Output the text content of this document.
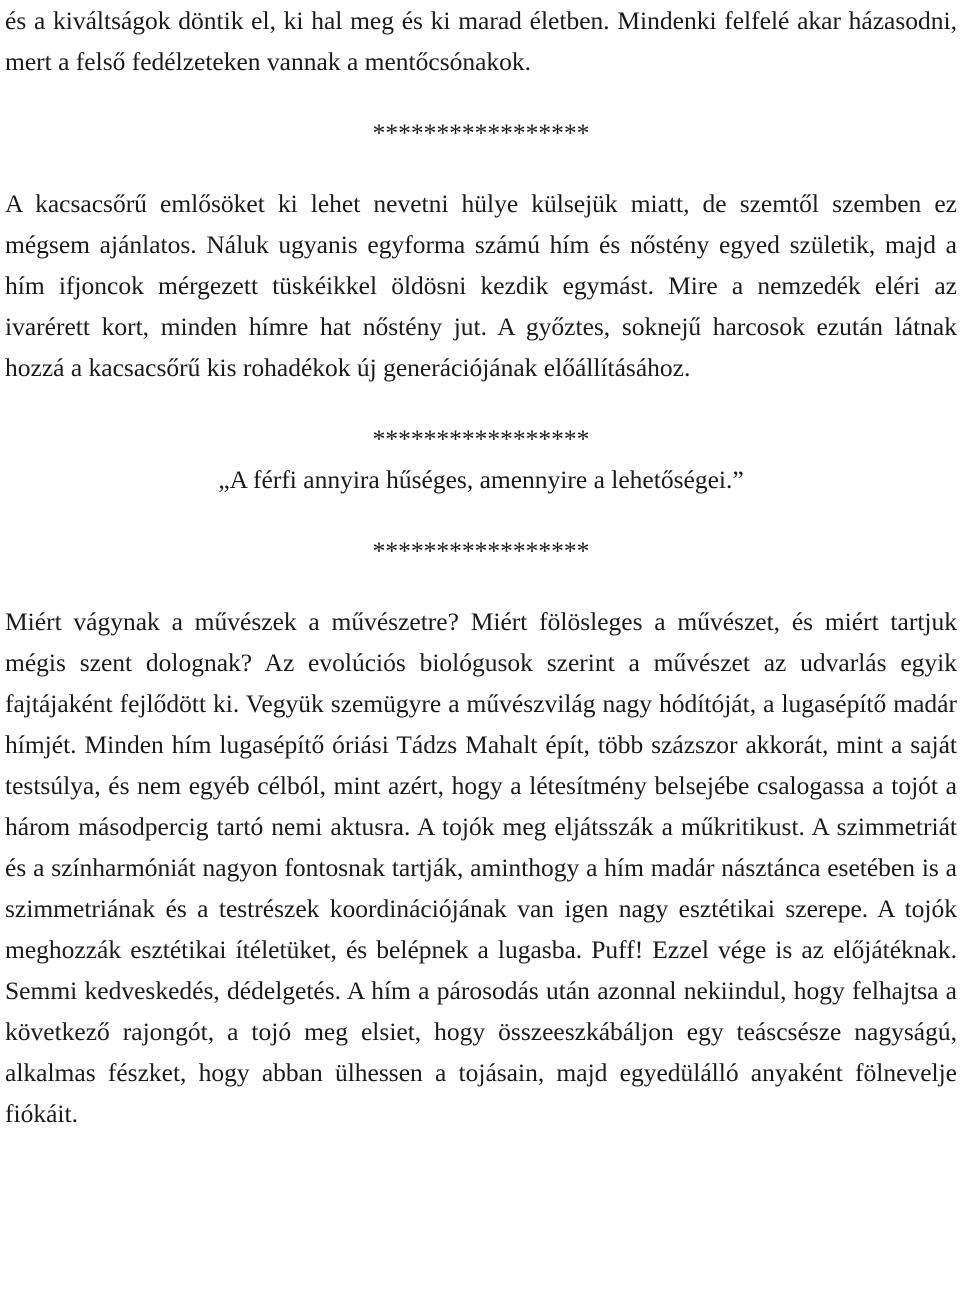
és a kiváltságok döntik el, ki hal meg és ki marad életben. Mindenki felfelé akar házasodni, mert a felső fedélzeteken vannak a mentőcsónakok.

*****************

A kacsacsőrű emlősöket ki lehet nevetni hülye külsejük miatt, de szemtől szemben ez mégsem ajánlatos. Náluk ugyanis egyforma számú hím és nőstény egyed születik, majd a hím ifjoncok mérgezett tüskéikkel öldösni kezdik egymást. Mire a nemzedék eléri az ivarérett kort, minden hímre hat nőstény jut. A győztes, soknejű harcosok ezután látnak hozzá a kacsacsőrű kis rohadékok új generációjának előállításához.

*****************

„A férfi annyira hűséges, amennyire a lehetőségei.”

*****************

Miért vágynak a művészek a művészetre? Miért fölösleges a művészet, és miért tartjuk mégis szent dolognak? Az evolúciós biológusok szerint a művészet az udvarlás egyik fajtájaként fejlődött ki. Vegyük szemügyre a művészvilág nagy hódítóját, a lugasépítő madár hímjét. Minden hím lugasépítő óriási Tádzs Mahalt épít, több százszor akkorát, mint a saját testsúlya, és nem egyéb célból, mint azért, hogy a létesítmény belsejébe csalogassa a tojót a három másodpercig tartó nemi aktusra. A tojók meg eljátsszák a műkritikust. A szimmetriát és a színharmóniát nagyon fontosnak tartják, aminthogy a hím madár násztánca esetében is a szimmetriának és a testrészek koordinációjának van igen nagy esztétikai szerepe. A tojók meghozzák esztétikai ítéletüket, és belépnek a lugasba. Puff! Ezzel vége is az előjátéknak. Semmi kedveskedés, dédelgetés. A hím a párosodás után azonnal nekiindul, hogy felhajtsa a következő rajongót, a tojó meg elsiet, hogy összeeszkábáljon egy teáscsésze nagyságú, alkalmas fészket, hogy abban ülhessen a tojásain, majd egyedülálló anyaként fölnevelje fiókáit.
